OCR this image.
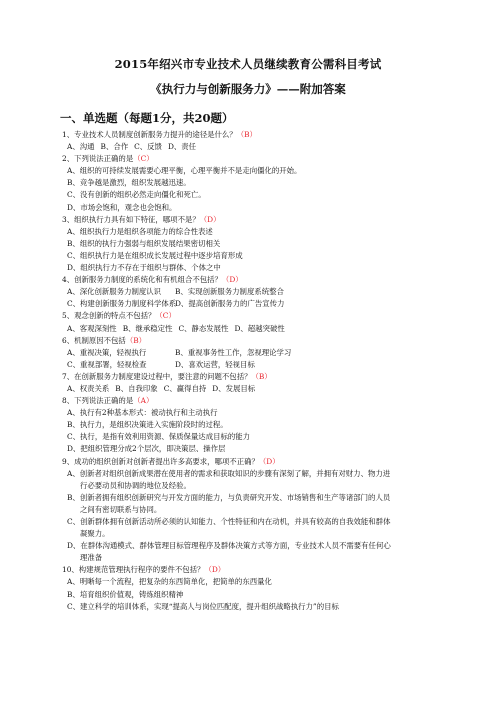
2015年绍兴市专业技术人员继续教育公需科目考试
《执行力与创新服务力》——附加答案
一、单选题（每题1分，共20题）
1、专业技术人员制度创新服务力提升的途径是什么？（B）
A、沟通 B、合作 C、反馈 D、责任
2、下列说法正确的是（C）
A、组织的可持续发展需要心理平衡，心理平衡并不是走向僵化的开始。
B、竞争越是激烈，组织发展越迅速。
C、没有创新的组织必然走向僵化和死亡。
D、市场会饱和，观念也会饱和。
3、组织执行力具有如下特征，哪项不是？（D）
A、组织执行力是组织各项能力的综合性表述
B、组织的执行力强弱与组织发展结果密切相关
C、组织执行力是在组织成长发展过程中逐步培育形成
D、组织执行力不存在于组织与群体、个体之中
4、创新服务力制度的系统化和有机组合不包括？（D）
A、深化创新服务力制度认识	B、实现创新服务力制度系统整合
C、构建创新服务力制度科学体系
D、提高创新服务力的广告宣传力
5、观念创新的特点不包括？（C）
A、客观深刻性 B、继承稳定性 C、静态发展性 D、超越突破性
6、机制原因不包括（B）
A、重视决策，轻视执行	B、重视事务性工作，忽视理论学习
C、重视部署，轻视检查	D、喜欢运营，轻视目标
7、在创新服务力制度建设过程中，要注意的问题不包括？（B）
A、权责关系 B、自我印象 C、赢得自持 D、发展目标
8、下列说法正确的是（A）
A、执行有2种基本形式：被动执行和主动执行
B、执行力，是组织决策进入实施阶段时的过程。
C、执行，是指有效利用资源、保质保量达成目标的能力
D、把组织管理分成2个层次，即决策层、操作层
9、成功的组织创新对创新者提出许多高要求，哪项不正确？（D）
A、创新者对组织创新成果潜在使用者的需求和获取知识的步骤有深刻了解，并拥有对财力、物力进
行必要动员和协调的地位及经验。
B、创新者拥有组织创新研究与开发方面的能力，与负责研究开发、市场销售和生产等诸部门的人员
之间有密切联系与协同。
C、创新群体拥有创新活动所必须的认知能力、个性特征和内在动机，并具有较高的自我效能和群体
凝聚力。
D、在群体沟通模式、群体管理目标管理程序及群体决策方式等方面，专业技术人员不需要有任何心
理准备
10、构建规范管理执行程序的要件不包括？（D）
A、明晰每一个流程，把复杂的东西简单化，把简单的东西量化
B、培育组织价值观，铸炼组织精神
C、建立科学的培训体系，实现“提高人与岗位匹配度，提升组织战略执行力”的目标
